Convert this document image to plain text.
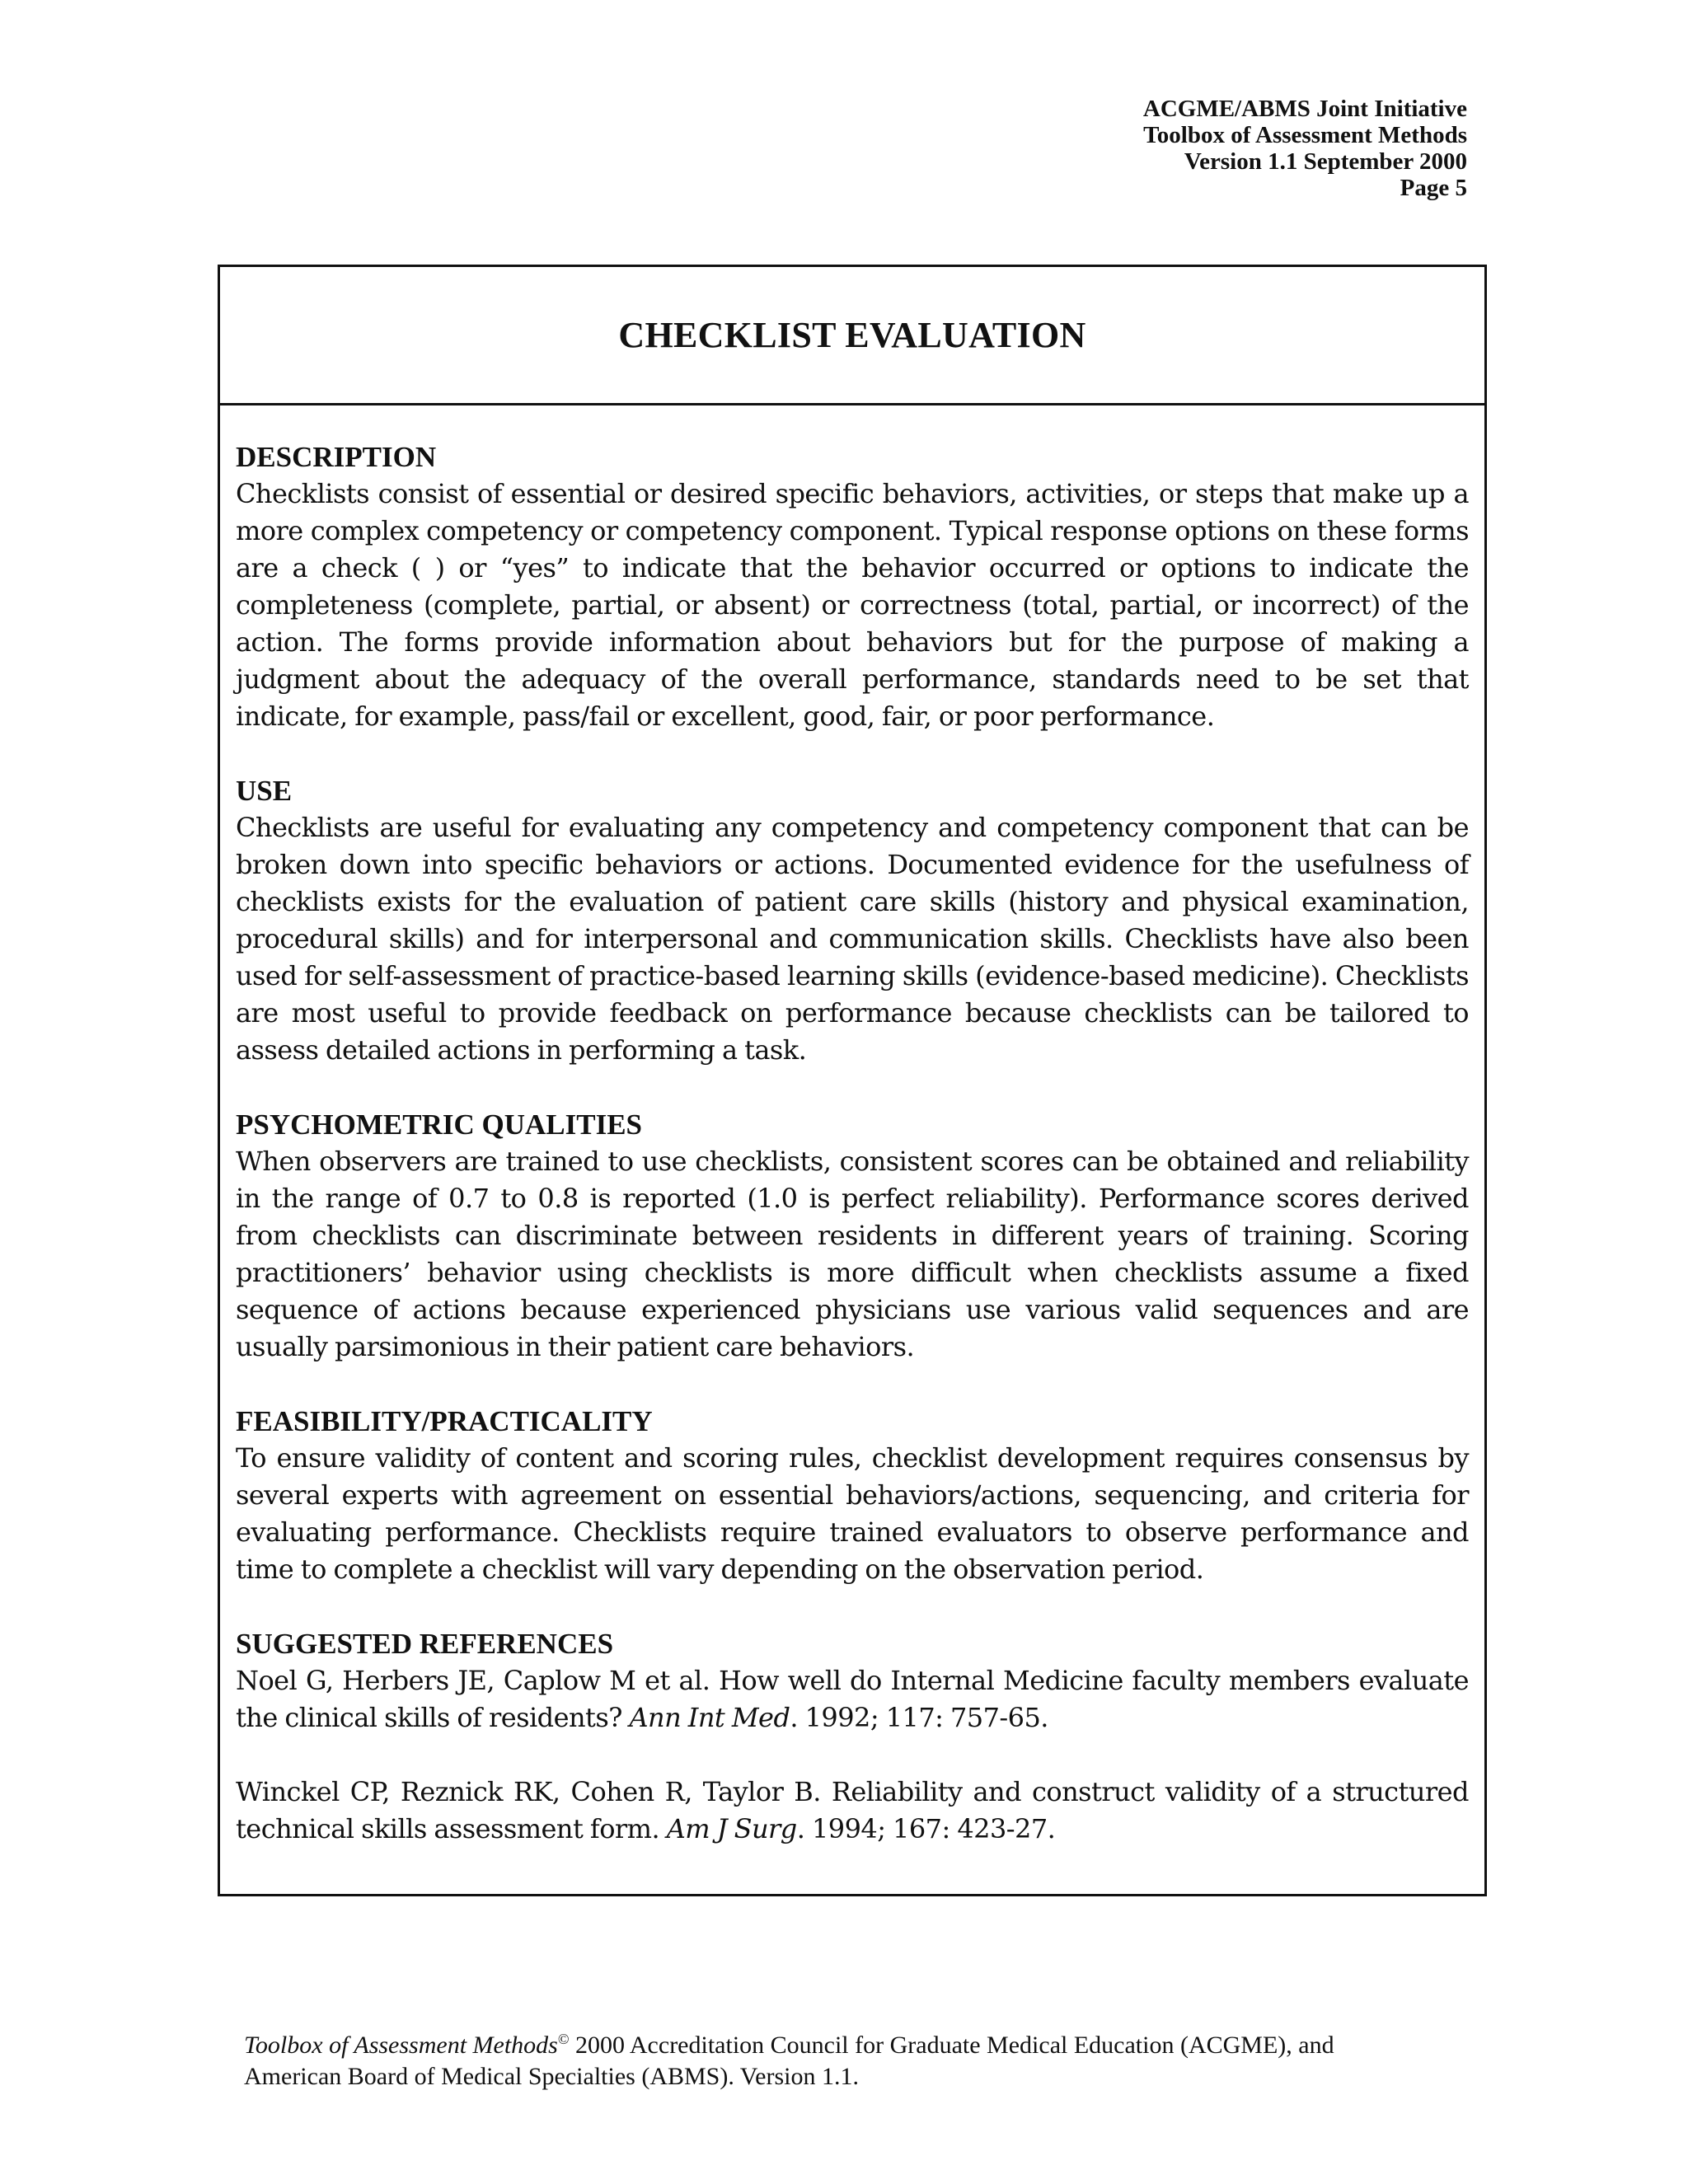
ACGME/ABMS Joint Initiative
Toolbox of Assessment Methods
Version 1.1 September 2000
Page 5
CHECKLIST EVALUATION
DESCRIPTION

Checklists consist of essential or desired specific behaviors, activities, or steps that make up a more complex competency or competency component. Typical response options on these forms are a check ( ) or “yes” to indicate that the behavior occurred or options to indicate the completeness (complete, partial, or absent) or correctness (total, partial, or incorrect) of the action. The forms provide information about behaviors but for the purpose of making a judgment about the adequacy of the overall performance, standards need to be set that indicate, for example, pass/fail or excellent, good, fair, or poor performance.

USE

Checklists are useful for evaluating any competency and competency component that can be broken down into specific behaviors or actions. Documented evidence for the usefulness of checklists exists for the evaluation of patient care skills (history and physical examination, procedural skills) and for interpersonal and communication skills. Checklists have also been used for self-assessment of practice-based learning skills (evidence-based medicine). Checklists are most useful to provide feedback on performance because checklists can be tailored to assess detailed actions in performing a task.

PSYCHOMETRIC QUALITIES

When observers are trained to use checklists, consistent scores can be obtained and reliability in the range of 0.7 to 0.8 is reported (1.0 is perfect reliability). Performance scores derived from checklists can discriminate between residents in different years of training. Scoring practitioners’ behavior using checklists is more difficult when checklists assume a fixed sequence of actions because experienced physicians use various valid sequences and are usually parsimonious in their patient care behaviors.

FEASIBILITY/PRACTICALITY

To ensure validity of content and scoring rules, checklist development requires consensus by several experts with agreement on essential behaviors/actions, sequencing, and criteria for evaluating performance. Checklists require trained evaluators to observe performance and time to complete a checklist will vary depending on the observation period.

SUGGESTED REFERENCES

Noel G, Herbers JE, Caplow M et al. How well do Internal Medicine faculty members evaluate the clinical skills of residents? Ann Int Med. 1992; 117: 757-65.

Winckel CP, Reznick RK, Cohen R, Taylor B. Reliability and construct validity of a structured technical skills assessment form. Am J Surg. 1994; 167: 423-27.

Toolbox of Assessment Methods© 2000 Accreditation Council for Graduate Medical Education (ACGME), and
American Board of Medical Specialties (ABMS). Version 1.1.
